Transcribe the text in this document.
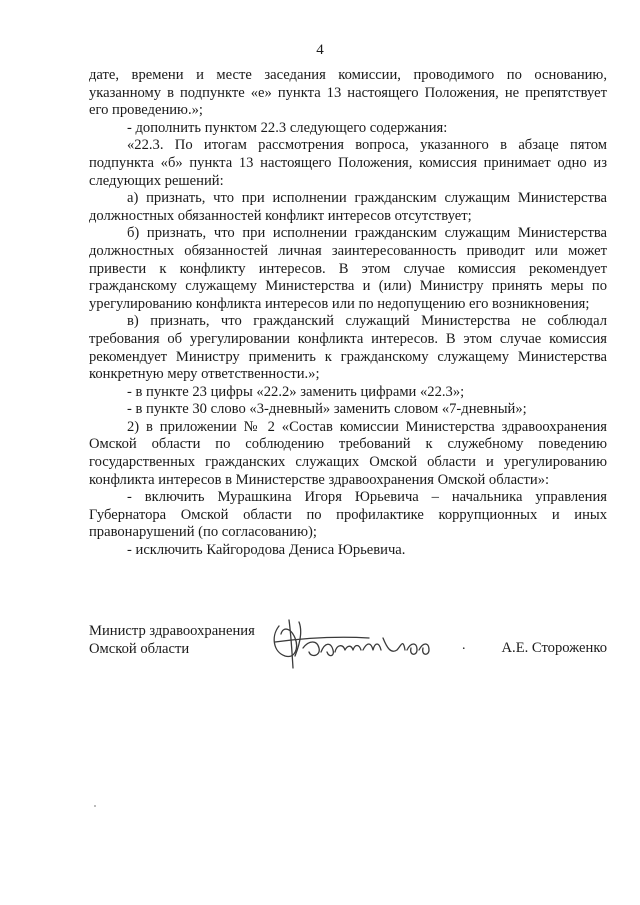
4

дате, времени и месте заседания комиссии, проводимого по основанию, указанному в подпункте «е» пункта 13 настоящего Положения, не препятствует его проведению.»;

- дополнить пунктом 22.3 следующего содержания:

«22.3. По итогам рассмотрения вопроса, указанного в абзаце пятом подпункта «б» пункта 13 настоящего Положения, комиссия принимает одно из следующих решений:

а) признать, что при исполнении гражданским служащим Министерства должностных обязанностей конфликт интересов отсутствует;

б) признать, что при исполнении гражданским служащим Министерства должностных обязанностей личная заинтересованность приводит или может привести к конфликту интересов. В этом случае комиссия рекомендует гражданскому служащему Министерства и (или) Министру принять меры по урегулированию конфликта интересов или по недопущению его возникновения;

в) признать, что гражданский служащий Министерства не соблюдал требования об урегулировании конфликта интересов. В этом случае комиссия рекомендует Министру применить к гражданскому служащему Министерства конкретную меру ответственности.»;

- в пункте 23 цифры «22.2» заменить цифрами «22.3»;

- в пункте 30 слово «3-дневный» заменить словом «7-дневный»;

2) в приложении № 2 «Состав комиссии Министерства здравоохранения Омской области по соблюдению требований к служебному поведению государственных гражданских служащих Омской области и урегулированию конфликта интересов в Министерстве здравоохранения Омской области»:

- включить Мурашкина Игоря Юрьевича – начальника управления Губернатора Омской области по профилактике коррупционных и иных правонарушений (по согласованию);

- исключить Кайгородова Дениса Юрьевича.

Министр здравоохранения
Омской области	. А.Е. Стороженко
